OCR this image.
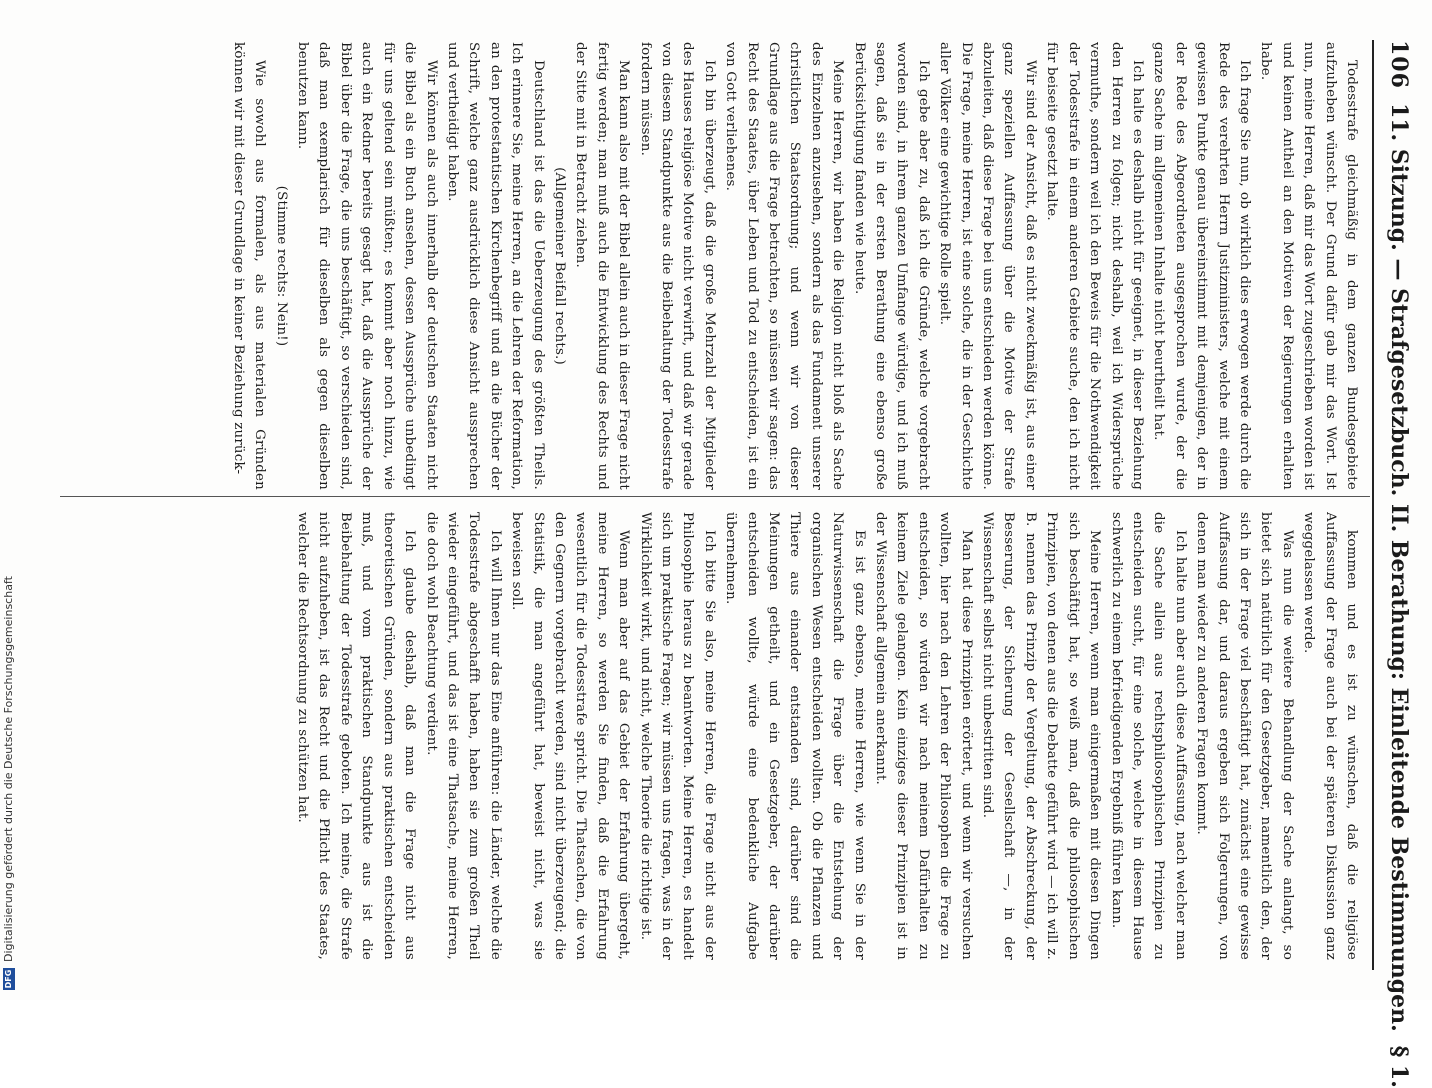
106
11. Sitzung. — Strafgesetzbuch. II. Berathung: Einleitende Bestimmungen.
§ 1.

Todesstrafe gleichmäßig in dem ganzen Bundesgebiete aufzuheben wünscht. Der Grund dafür gab mir das Wort. Ist nun, meine Herren, daß mir das Wort zugeschrieben worden ist und keinen Antheil an den Motiven der Regierungen erhalten habe.

Ich frage Sie nun, ob wirklich dies erwogen werde durch die Rede des verehrten Herrn Justizministers, welche mit einem gewissen Punkte genau übereinstimmt mit demjenigen, der in der Rede des Abgeordneten ausgesprochen wurde, der die ganze Sache im allgemeinen Inhalte nicht beurtheilt hat.

Ich halte es deshalb nicht für geeignet, in dieser Beziehung den Herren zu folgen; nicht deshalb, weil ich Widersprüche vermuthe, sondern weil ich den Beweis für die Nothwendigkeit der Todesstrafe in einem anderen Gebiete suche, den ich nicht für beiseite gesetzt halte.

Wir sind der Ansicht, daß es nicht zweckmäßig ist, aus einer ganz speziellen Auffassung über die Motive der Strafe abzuleiten, daß diese Frage bei uns entschieden werden könne. Die Frage, meine Herren, ist eine solche, die in der Geschichte aller Völker eine gewichtige Rolle spielt.

Ich gebe aber zu, daß ich die Gründe, welche vorgebracht worden sind, in ihrem ganzen Umfange würdige, und ich muß sagen, daß sie in der ersten Berathung eine ebenso große Berücksichtigung fanden wie heute.

Meine Herren, wir haben die Religion nicht bloß als Sache des Einzelnen anzusehen, sondern als das Fundament unserer christlichen Staatsordnung; und wenn wir von dieser Grundlage aus die Frage betrachten, so müssen wir sagen: das Recht des Staates, über Leben und Tod zu entscheiden, ist ein von Gott verliehenes.

Ich bin überzeugt, daß die große Mehrzahl der Mitglieder des Hauses religiöse Motive nicht verwirft, und daß wir gerade von diesem Standpunkte aus die Beibehaltung der Todesstrafe fordern müssen.

Man kann also mit der Bibel allein auch in dieser Frage nicht fertig werden; man muß auch die Entwicklung des Rechts und der Sitte mit in Betracht ziehen.

(Allgemeiner Beifall rechts.)

Deutschland ist das die Ueberzeugung des größten Theils. Ich erinnere Sie, meine Herren, an die Lehren der Reformation, an den protestantischen Kirchenbegriff und an die Bücher der Schrift, welche ganz ausdrücklich diese Ansicht aussprechen und vertheidigt haben.

Wir können als auch innerhalb der deutschen Staaten nicht die Bibel als ein Buch ansehen, dessen Aussprüche unbedingt für uns geltend sein müßten; es kommt aber noch hinzu, wie auch ein Redner bereits gesagt hat, daß die Aussprüche der Bibel über die Frage, die uns beschäftigt, so verschieden sind, daß man exemplarisch für dieselben als gegen dieselben benutzen kann.

(Stimme rechts: Nein!)

Wie sowohl aus formalen, als aus materialen Gründen können wir mit dieser Grundlage in keiner Beziehung zurück-

kommen und es ist zu wünschen, daß die religiöse Auffassung der Frage auch bei der späteren Diskussion ganz weggelassen werde.

Was nun die weitere Behandlung der Sache anlangt, so bietet sich natürlich für den Gesetzgeber, namentlich den, der sich in der Frage viel beschäftigt hat, zunächst eine gewisse Auffassung dar, und daraus ergeben sich Folgerungen, von denen man wieder zu anderen Fragen kommt.

Ich halte nun aber auch diese Auffassung, nach welcher man die Sache allein aus rechtsphilosophischen Prinzipien zu entscheiden sucht, für eine solche, welche in diesem Hause schwerlich zu einem befriedigenden Ergebniß führen kann.

Meine Herren, wenn man einigermaßen mit diesen Dingen sich beschäftigt hat, so weiß man, daß die philosophischen Prinzipien, von denen aus die Debatte geführt wird — ich will z. B. nennen das Prinzip der Vergeltung, der Abschreckung, der Besserung, der Sicherung der Gesellschaft —, in der Wissenschaft selbst nicht unbestritten sind.

Man hat diese Prinzipien erörtert, und wenn wir versuchen wollten, hier nach den Lehren der Philosophen die Frage zu entscheiden, so würden wir nach meinem Dafürhalten zu keinem Ziele gelangen. Kein einziges dieser Prinzipien ist in der Wissenschaft allgemein anerkannt.

Es ist ganz ebenso, meine Herren, wie wenn Sie in der Naturwissenschaft die Frage über die Entstehung der organischen Wesen entscheiden wollten. Ob die Pflanzen und Thiere aus einander entstanden sind, darüber sind die Meinungen getheilt, und ein Gesetzgeber, der darüber entscheiden wollte, würde eine bedenkliche Aufgabe übernehmen.

Ich bitte Sie also, meine Herren, die Frage nicht aus der Philosophie heraus zu beantworten. Meine Herren, es handelt sich um praktische Fragen; wir müssen uns fragen, was in der Wirklichkeit wirkt, und nicht, welche Theorie die richtige ist.

Wenn man aber auf das Gebiet der Erfahrung übergeht, meine Herren, so werden Sie finden, daß die Erfahrung wesentlich für die Todesstrafe spricht. Die Thatsachen, die von den Gegnern vorgebracht werden, sind nicht überzeugend; die Statistik, die man angeführt hat, beweist nicht, was sie beweisen soll.

Ich will Ihnen nur das Eine anführen: die Länder, welche die Todesstrafe abgeschafft haben, haben sie zum großen Theil wieder eingeführt, und das ist eine Thatsache, meine Herren, die doch wohl Beachtung verdient.

Ich glaube deshalb, daß man die Frage nicht aus theoretischen Gründen, sondern aus praktischen entscheiden muß, und vom praktischen Standpunkte aus ist die Beibehaltung der Todesstrafe geboten. Ich meine, die Strafe nicht aufzuheben, ist das Recht und die Pflicht des Staates, welcher die Rechtsordnung zu schützen hat.

DFG
Digitalisierung gefördert durch die Deutsche Forschungsgemeinschaft
